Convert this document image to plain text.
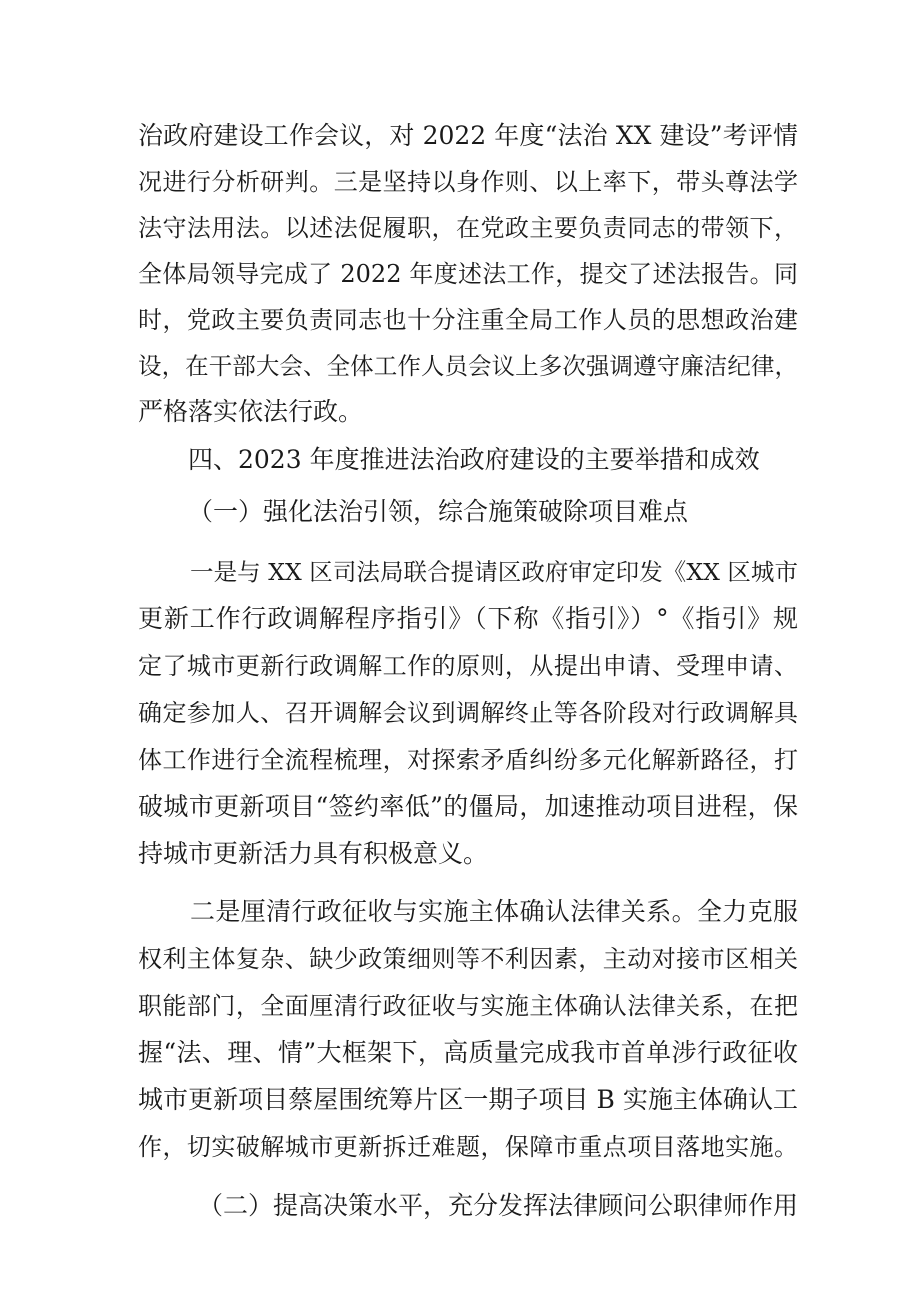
治政府建设工作会议，对 2022 年度“法治 XX 建设”考评情
况进行分析研判。三是坚持以身作则、以上率下，带头尊法学
法守法用法。以述法促履职，在党政主要负责同志的带领下，
全体局领导完成了 2022 年度述法工作，提交了述法报告。同
时，党政主要负责同志也十分注重全局工作人员的思想政治建
设，在干部大会、全体工作人员会议上多次强调遵守廉洁纪律，
严格落实依法行政。
四、2023 年度推进法治政府建设的主要举措和成效
（一）强化法治引领，综合施策破除项目难点
一是与 XX 区司法局联合提请区政府审定印发《XX 区城市
更新工作行政调解程序指引》（下称《指引》）°《指引》规
定了城市更新行政调解工作的原则，从提出申请、受理申请、
确定参加人、召开调解会议到调解终止等各阶段对行政调解具
体工作进行全流程梳理，对探索矛盾纠纷多元化解新路径，打
破城市更新项目“签约率低”的僵局，加速推动项目进程，保
持城市更新活力具有积极意义。
二是厘清行政征收与实施主体确认法律关系。全力克服
权利主体复杂、缺少政策细则等不利因素，主动对接市区相关
职能部门，全面厘清行政征收与实施主体确认法律关系，在把
握“法、理、情”大框架下，高质量完成我市首单涉行政征收
城市更新项目蔡屋围统筹片区一期子项目 B 实施主体确认工
作，切实破解城市更新拆迁难题，保障市重点项目落地实施。
（二）提高决策水平，充分发挥法律顾问公职律师作用
